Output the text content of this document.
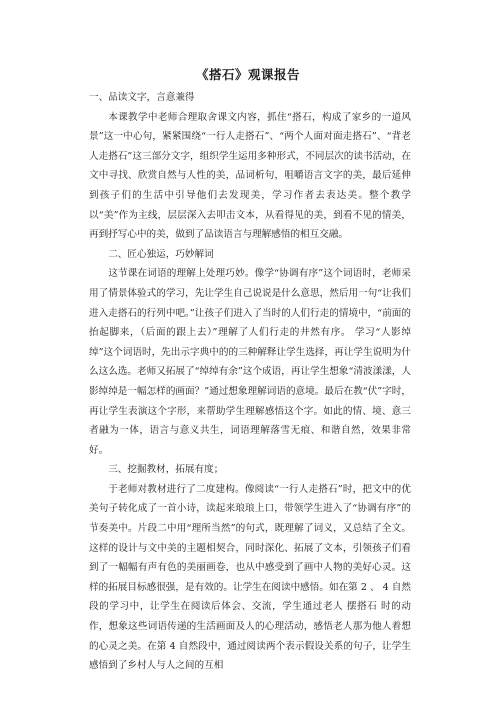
《搭石》观课报告

一、品读文字，言意兼得

本课教学中老师合理取舍课文内容，抓住“搭石，构成了家乡的一道风景”这一中心句，紧紧围绕“一行人走搭石”、“两个人面对面走搭石”、“背老人走搭石”这三部分文字，组织学生运用多种形式，不同层次的读书活动，在文中寻找、欣赏自然与人性的美，品词析句，咀嚼语言文字的美，最后延伸到孩子们的生活中引导他们去发现美，学习作者去表达美。整个教学以“美”作为主线，层层深入去叩击文本，从看得见的美，到看不见的情美，再到抒写心中的美，做到了品读语言与理解感悟的相互交融。

二、匠心独运，巧妙解词

这节课在词语的理解上处理巧妙。像学“协调有序”这个词语时，老师采用了情景体验式的学习，先让学生自己说说是什么意思，然后用一句“让我们进入走搭石的行列中吧。”让孩子们进入了当时的人们行走的情境中，“前面的抬起脚来，（后面的跟上去）”理解了人们行走的井然有序。 学习“人影绰绰”这个词语时，先出示字典中的的三种解释让学生选择，再让学生说明为什么这么选。老师又拓展了“绰绰有余”这个成语，再让学生想象“清波漾漾，人影绰绰是一幅怎样的画面？”通过想象理解词语的意境。最后在教“伏”字时，再让学生表演这个字形，来帮助学生理解感悟这个字。如此的情、境、意三者融为一体，语言与意义共生，词语理解落雪无痕、和谐自然，效果非常好。

三、挖掘教材，拓展有度；

于老师对教材进行了二度建构。像阅读“一行人走搭石”时，把文中的优美句子转化成了一首小诗，读起来琅琅上口，带领学生进入了“协调有序”的节奏美中。片段二中用“理所当然”的句式，既理解了词义，又总结了全文。这样的设计与文中美的主题相契合，同时深化、拓展了文本，引领孩子们看到了一幅幅有声有色的美丽画卷，也从中感受到了画中人物的美好心灵。这样的拓展目标感很强，是有效的。让学生在阅读中感悟。如在第 2 、 4 自然段的学习中，让学生在阅读后体会、交流，学生通过老人 摆搭石 时的动作，想象这些词语传递的生活画面及人的心理活动，感悟老人那为他人着想的心灵之美。在第 4 自然段中，通过阅读两个表示假设关系的句子，让学生感悟到了乡村人与人之间的互相
